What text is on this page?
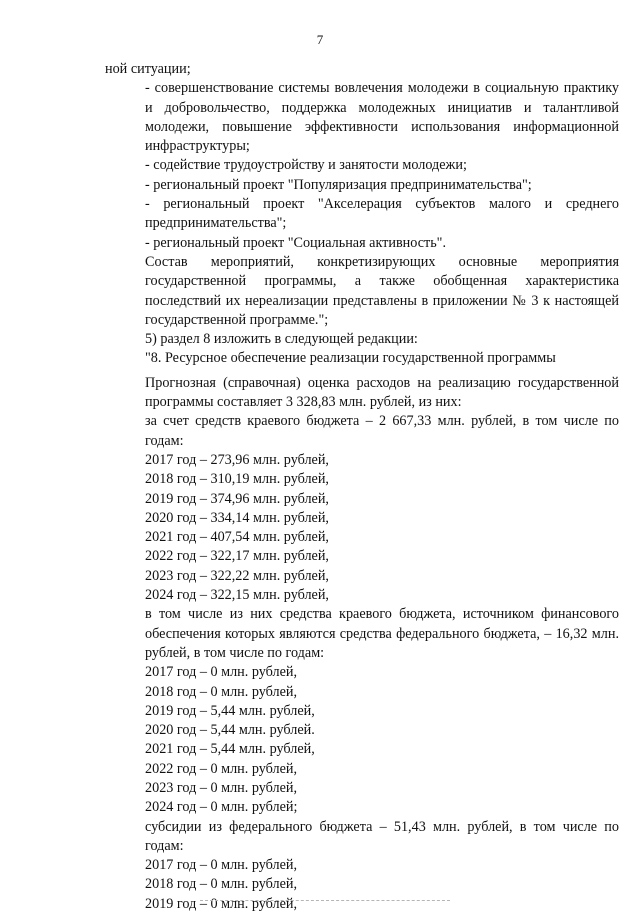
7
ной ситуации;
- совершенствование системы вовлечения молодежи в социальную практику и добровольчество, поддержка молодежных инициатив и талантливой молодежи, повышение эффективности использования информационной инфраструктуры;
- содействие трудоустройству и занятости молодежи;
- региональный проект "Популяризация предпринимательства";
- региональный проект "Акселерация субъектов малого и среднего предпринимательства";
- региональный проект "Социальная активность".
Состав мероприятий, конкретизирующих основные мероприятия государственной программы, а также обобщенная характеристика последствий их нереализации представлены в приложении № 3 к настоящей государственной программе.";
5) раздел 8 изложить в следующей редакции:
"8. Ресурсное обеспечение реализации государственной программы
Прогнозная (справочная) оценка расходов на реализацию государственной программы составляет 3 328,83 млн. рублей, из них:
за счет средств краевого бюджета – 2 667,33 млн. рублей, в том числе по годам:
2017 год – 273,96 млн. рублей,
2018 год – 310,19 млн. рублей,
2019 год – 374,96 млн. рублей,
2020 год – 334,14 млн. рублей,
2021 год – 407,54 млн. рублей,
2022 год – 322,17 млн. рублей,
2023 год – 322,22 млн. рублей,
2024 год – 322,15 млн. рублей,
в том числе из них средства краевого бюджета, источником финансового обеспечения которых являются средства федерального бюджета, – 16,32 млн. рублей, в том числе по годам:
2017 год – 0 млн. рублей,
2018 год – 0 млн. рублей,
2019 год – 5,44 млн. рублей,
2020 год – 5,44 млн. рублей.
2021 год – 5,44 млн. рублей,
2022 год – 0 млн. рублей,
2023 год – 0 млн. рублей,
2024 год – 0 млн. рублей;
субсидии из федерального бюджета – 51,43 млн. рублей, в том числе по годам:
2017 год – 0 млн. рублей,
2018 год – 0 млн. рублей,
2019 год – 0 млн. рублей,
